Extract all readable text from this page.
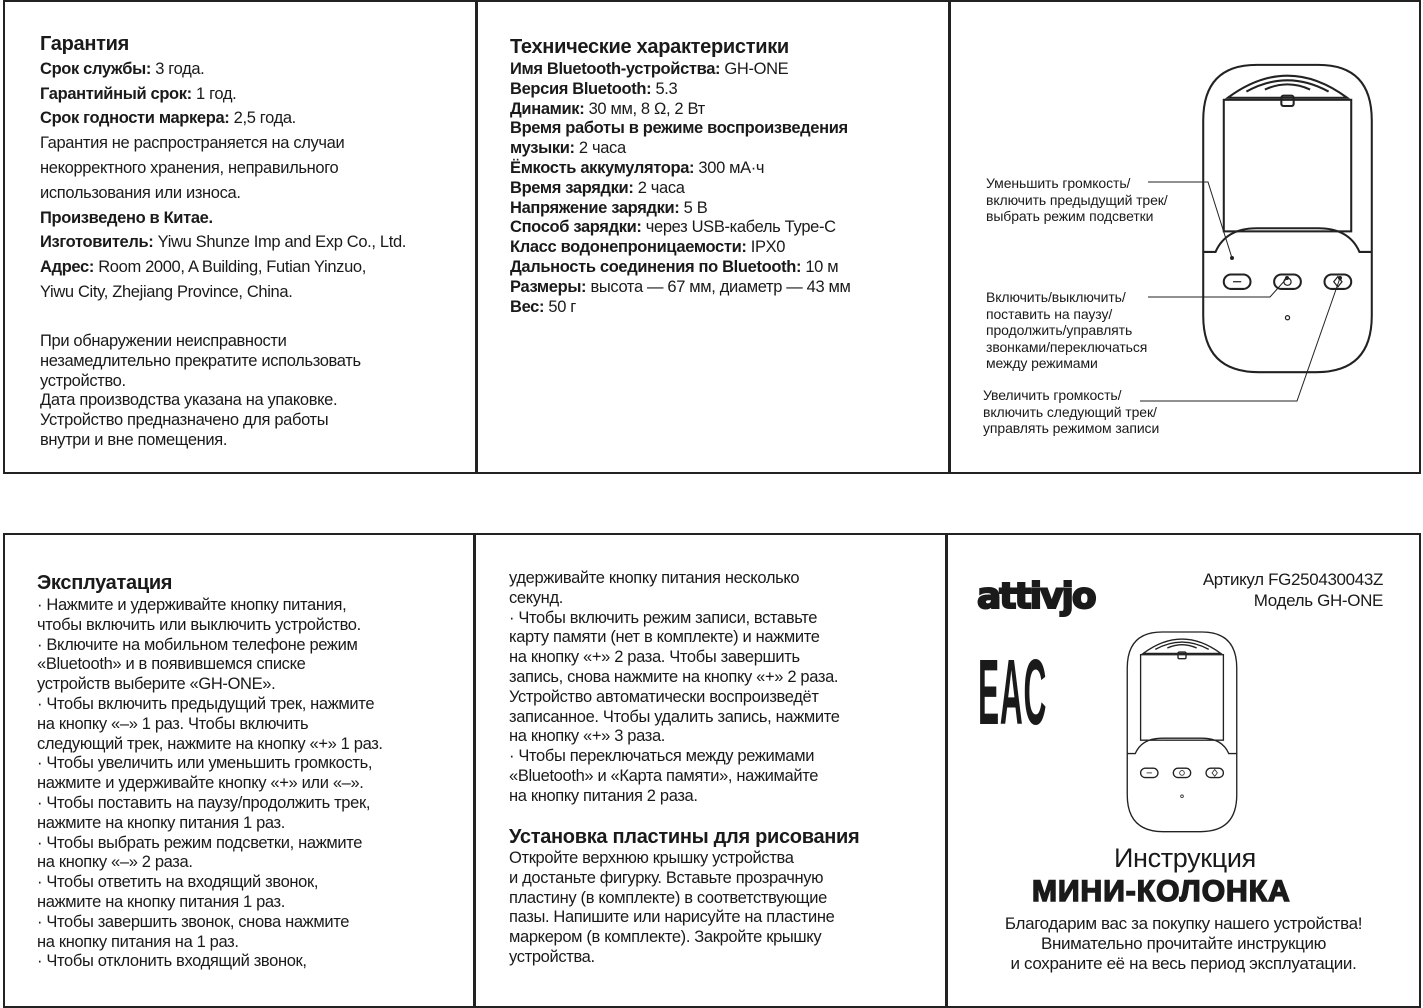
Гарантия
Срок службы: 3 года.
Гарантийный срок: 1 год.
Срок годности маркера: 2,5 года.
Гарантия не распространяется на случаи
некорректного хранения, неправильного
использования или износа.
Произведено в Китае.
Изготовитель: Yiwu Shunze Imp and Exp Co., Ltd.
Адрес: Room 2000, A Building, Futian Yinzuo,
Yiwu City, Zhejiang Province, China.
При обнаружении неисправности
незамедлительно прекратите использовать
устройство.
Дата производства указана на упаковке.
Устройство предназначено для работы
внутри и вне помещения.
Технические характеристики
Имя Bluetooth-устройства: GH-ONE
Версия Bluetooth: 5.3
Динамик: 30 мм, 8 Ω, 2 Вт
Время работы в режиме воспроизведения
музыки: 2 часа
Ёмкость аккумулятора: 300 мА·ч
Время зарядки: 2 часа
Напряжение зарядки: 5 В
Способ зарядки: через USB-кабель Type-C
Класс водонепроницаемости: IPX0
Дальность соединения по Bluetooth: 10 м
Размеры: высота — 67 мм, диаметр — 43 мм
Вес: 50 г
Уменьшить громкость/
включить предыдущий трек/
выбрать режим подсветки
Включить/выключить/
поставить на паузу/
продолжить/управлять
звонками/переключаться
между режимами
Увеличить громкость/
включить следующий трек/
управлять режимом записи
Эксплуатация
· Нажмите и удерживайте кнопку питания,
чтобы включить или выключить устройство.
· Включите на мобильном телефоне режим
«Bluetooth» и в появившемся списке
устройств выберите «GH-ONE».
· Чтобы включить предыдущий трек, нажмите
на кнопку «–» 1 раз. Чтобы включить
следующий трек, нажмите на кнопку «+» 1 раз.
· Чтобы увеличить или уменьшить громкость,
нажмите и удерживайте кнопку «+» или «–».
· Чтобы поставить на паузу/продолжить трек,
нажмите на кнопку питания 1 раз.
· Чтобы выбрать режим подсветки, нажмите
на кнопку «–» 2 раза.
· Чтобы ответить на входящий звонок,
нажмите на кнопку питания 1 раз.
· Чтобы завершить звонок, снова нажмите
на кнопку питания на 1 раз.
· Чтобы отклонить входящий звонок,
удерживайте кнопку питания несколько
секунд.
· Чтобы включить режим записи, вставьте
карту памяти (нет в комплекте) и нажмите
на кнопку «+» 2 раза. Чтобы завершить
запись, снова нажмите на кнопку «+» 2 раза.
Устройство автоматически воспроизведёт
записанное. Чтобы удалить запись, нажмите
на кнопку «+» 3 раза.
· Чтобы переключаться между режимами
«Bluetooth» и «Карта памяти», нажимайте
на кнопку питания 2 раза.
Установка пластины для рисования
Откройте верхнюю крышку устройства
и достаньте фигурку. Вставьте прозрачную
пластину (в комплекте) в соответствующие
пазы. Напишите или нарисуйте на пластине
маркером (в комплекте). Закройте крышку
устройства.
attivjo
EAC
Артикул FG250430043Z
Модель GH-ONE
Инструкция
МИНИ-КОЛОНКА
Благодарим вас за покупку нашего устройства!
Внимательно прочитайте инструкцию
и сохраните её на весь период эксплуатации.
